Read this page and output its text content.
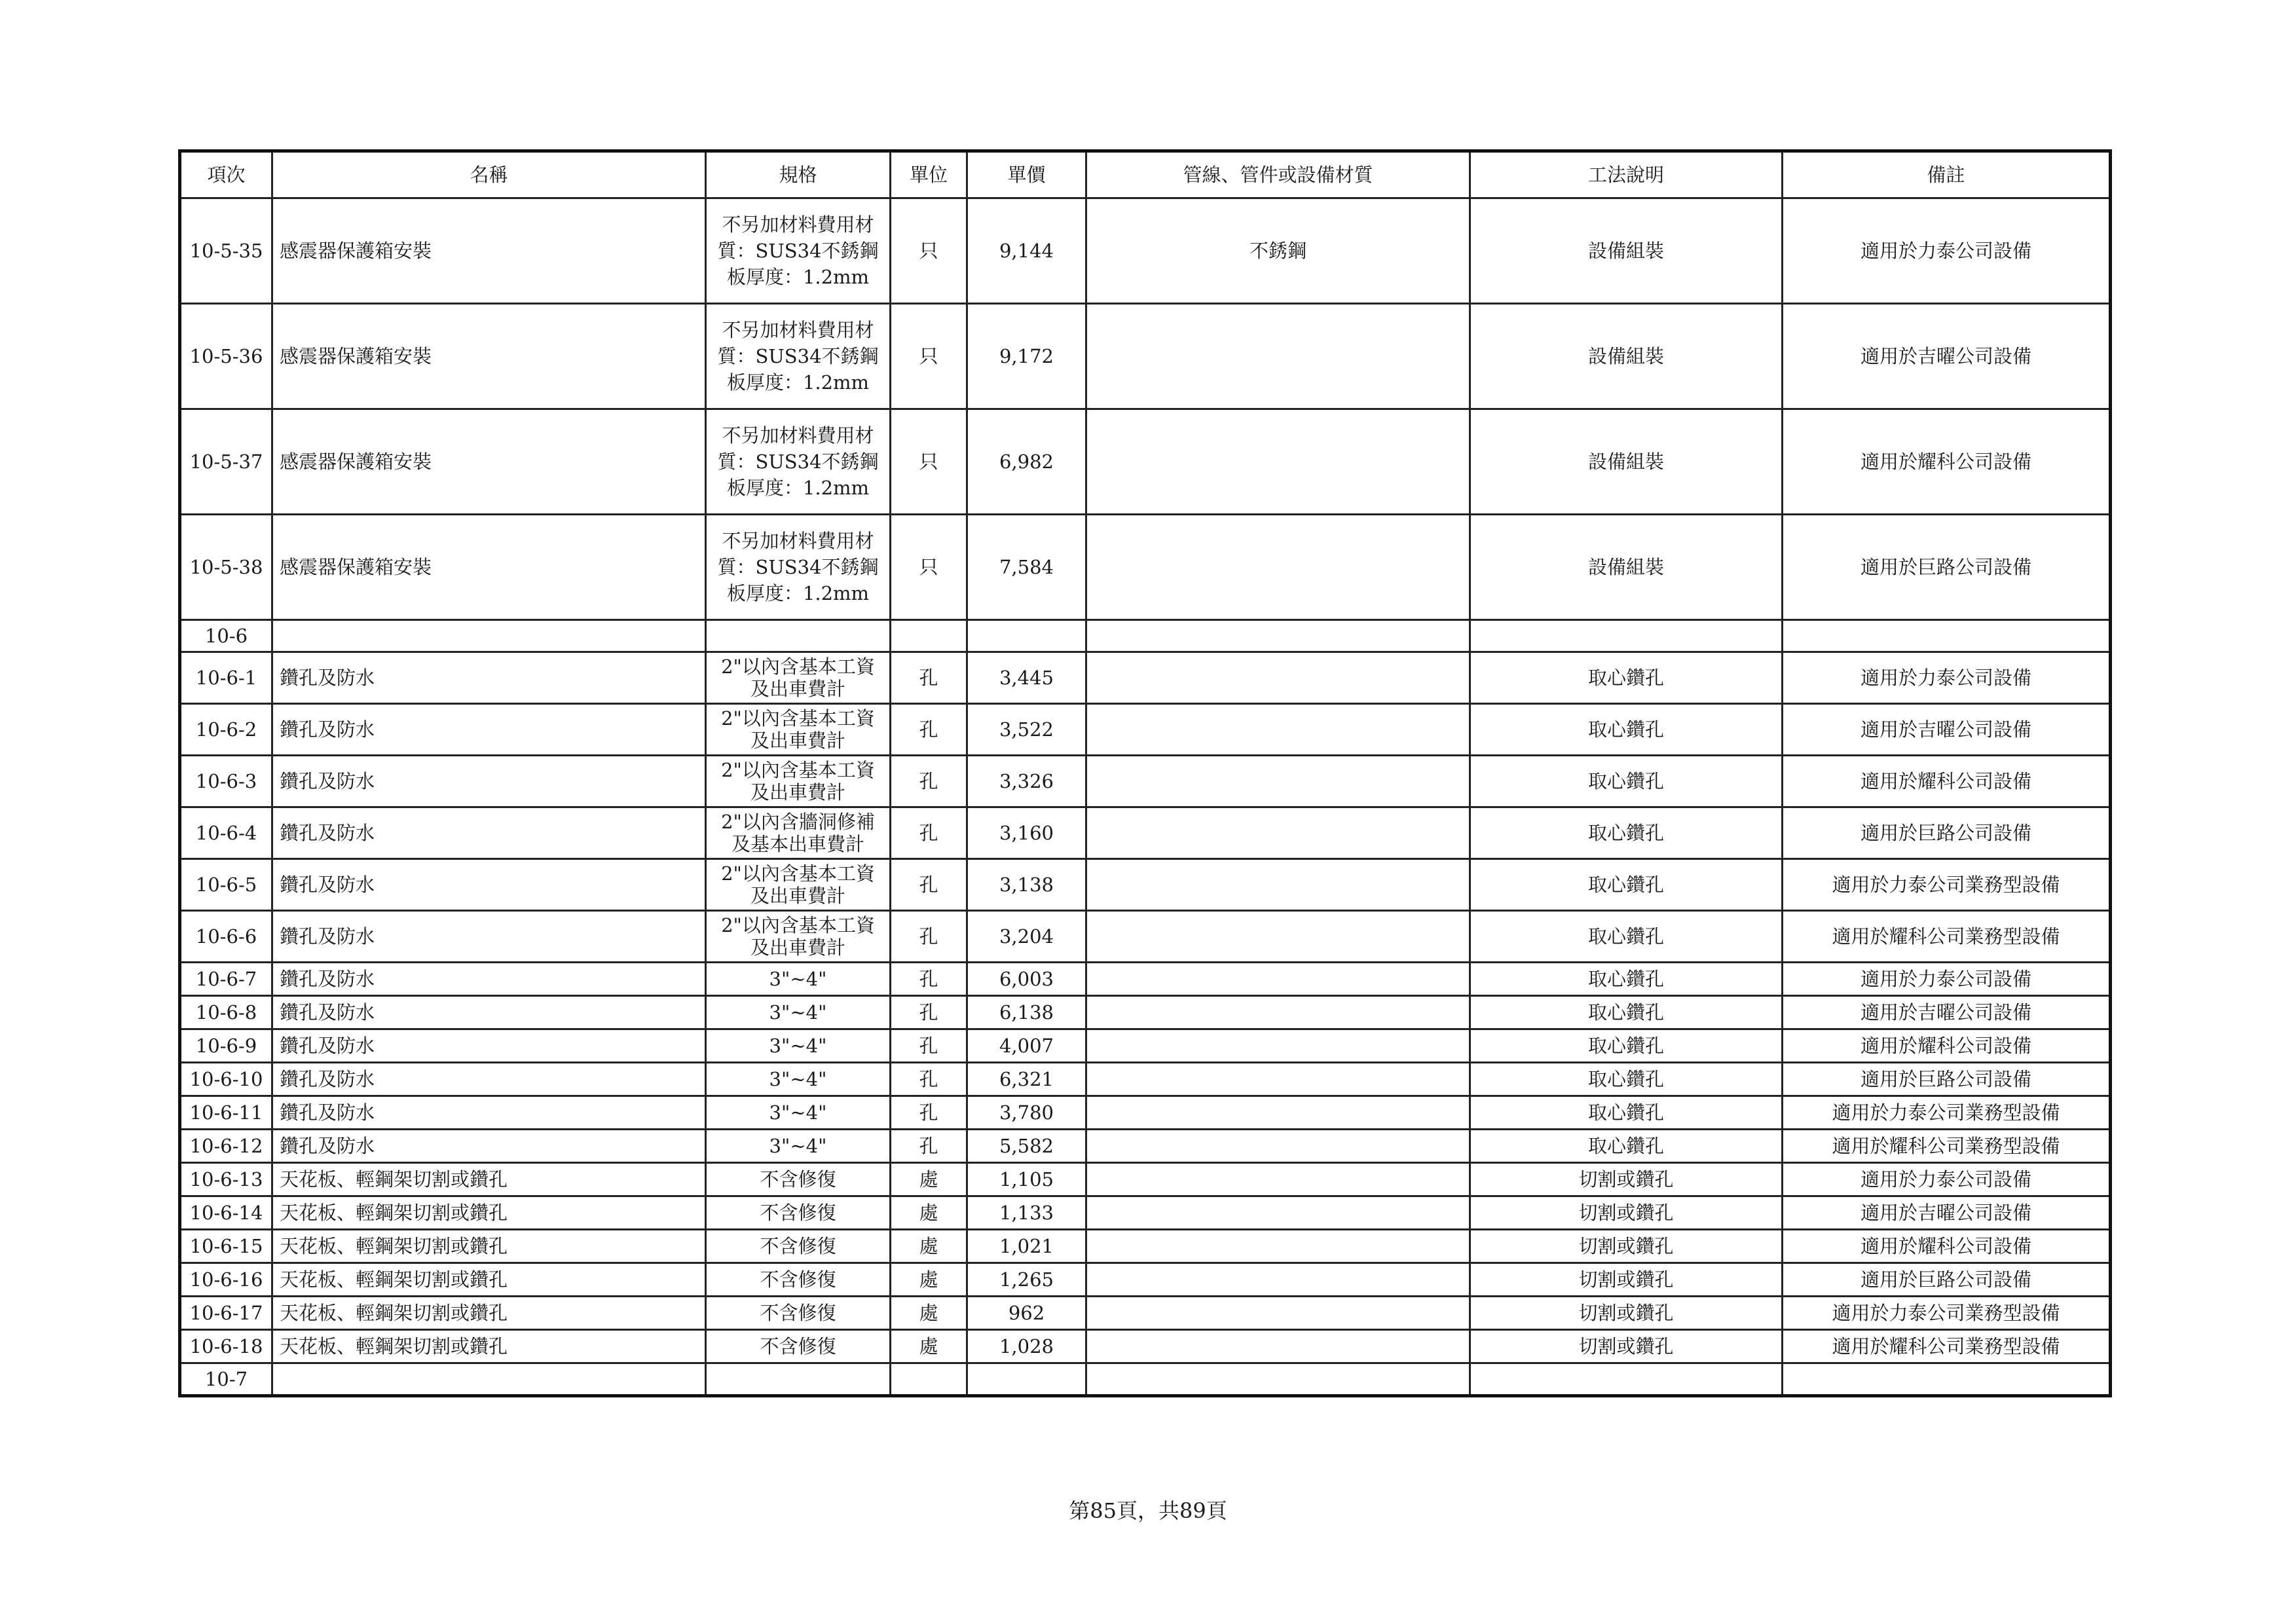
項次	名稱	規格	單位	單價	管線、管件或設備材質	工法說明	備註
10-5-35	感震器保護箱安裝	不另加材料費用材質：SUS34不銹鋼板厚度：1.2mm	只	9,144	不銹鋼	設備組裝	適用於力泰公司設備
10-5-36	感震器保護箱安裝	不另加材料費用材質：SUS34不銹鋼板厚度：1.2mm	只	9,172		設備組裝	適用於吉曜公司設備
10-5-37	感震器保護箱安裝	不另加材料費用材質：SUS34不銹鋼板厚度：1.2mm	只	6,982		設備組裝	適用於耀科公司設備
10-5-38	感震器保護箱安裝	不另加材料費用材質：SUS34不銹鋼板厚度：1.2mm	只	7,584		設備組裝	適用於巨路公司設備
10-6							
10-6-1	鑽孔及防水	2"以內含基本工資及出車費計	孔	3,445		取心鑽孔	適用於力泰公司設備
10-6-2	鑽孔及防水	2"以內含基本工資及出車費計	孔	3,522		取心鑽孔	適用於吉曜公司設備
10-6-3	鑽孔及防水	2"以內含基本工資及出車費計	孔	3,326		取心鑽孔	適用於耀科公司設備
10-6-4	鑽孔及防水	2"以內含牆洞修補及基本出車費計	孔	3,160		取心鑽孔	適用於巨路公司設備
10-6-5	鑽孔及防水	2"以內含基本工資及出車費計	孔	3,138		取心鑽孔	適用於力泰公司業務型設備
10-6-6	鑽孔及防水	2"以內含基本工資及出車費計	孔	3,204		取心鑽孔	適用於耀科公司業務型設備
10-6-7	鑽孔及防水	3"~4"	孔	6,003		取心鑽孔	適用於力泰公司設備
10-6-8	鑽孔及防水	3"~4"	孔	6,138		取心鑽孔	適用於吉曜公司設備
10-6-9	鑽孔及防水	3"~4"	孔	4,007		取心鑽孔	適用於耀科公司設備
10-6-10	鑽孔及防水	3"~4"	孔	6,321		取心鑽孔	適用於巨路公司設備
10-6-11	鑽孔及防水	3"~4"	孔	3,780		取心鑽孔	適用於力泰公司業務型設備
10-6-12	鑽孔及防水	3"~4"	孔	5,582		取心鑽孔	適用於耀科公司業務型設備
10-6-13	天花板、輕鋼架切割或鑽孔	不含修復	處	1,105		切割或鑽孔	適用於力泰公司設備
10-6-14	天花板、輕鋼架切割或鑽孔	不含修復	處	1,133		切割或鑽孔	適用於吉曜公司設備
10-6-15	天花板、輕鋼架切割或鑽孔	不含修復	處	1,021		切割或鑽孔	適用於耀科公司設備
10-6-16	天花板、輕鋼架切割或鑽孔	不含修復	處	1,265		切割或鑽孔	適用於巨路公司設備
10-6-17	天花板、輕鋼架切割或鑽孔	不含修復	處	962		切割或鑽孔	適用於力泰公司業務型設備
10-6-18	天花板、輕鋼架切割或鑽孔	不含修復	處	1,028		切割或鑽孔	適用於耀科公司業務型設備
10-7							
第85頁，共89頁
